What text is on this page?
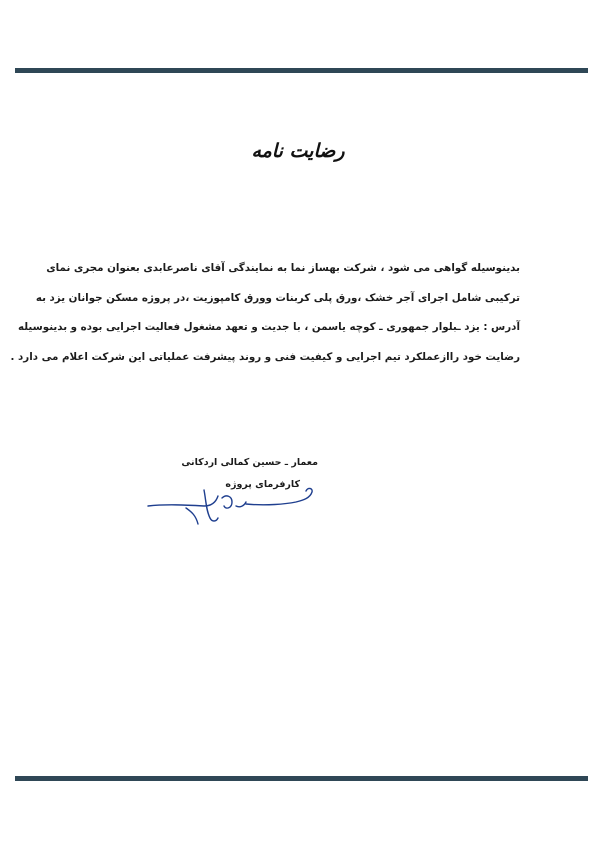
رضایت نامه
بدینوسیله گواهی می شود ، شرکت بهساز نما به نمایندگی آقای ناصرعابدی بعنوان مجری نمای
ترکیبی شامل اجرای آجر خشک ،ورق پلی کربنات وورق کامپوزیت ،در پروژه مسکن جوانان یزد به
آدرس : یزد ـبلوار جمهوری ـ کوچه یاسمن ، با جدیت و تعهد مشغول فعالیت اجرایی بوده و بدینوسیله
رضایت خود راازعملکرد تیم اجرایی و کیفیت فنی و روند پیشرفت عملیاتی این شرکت اعلام می دارد .
معمار ـ حسین کمالی اردکانی
کارفرمای پروژه
